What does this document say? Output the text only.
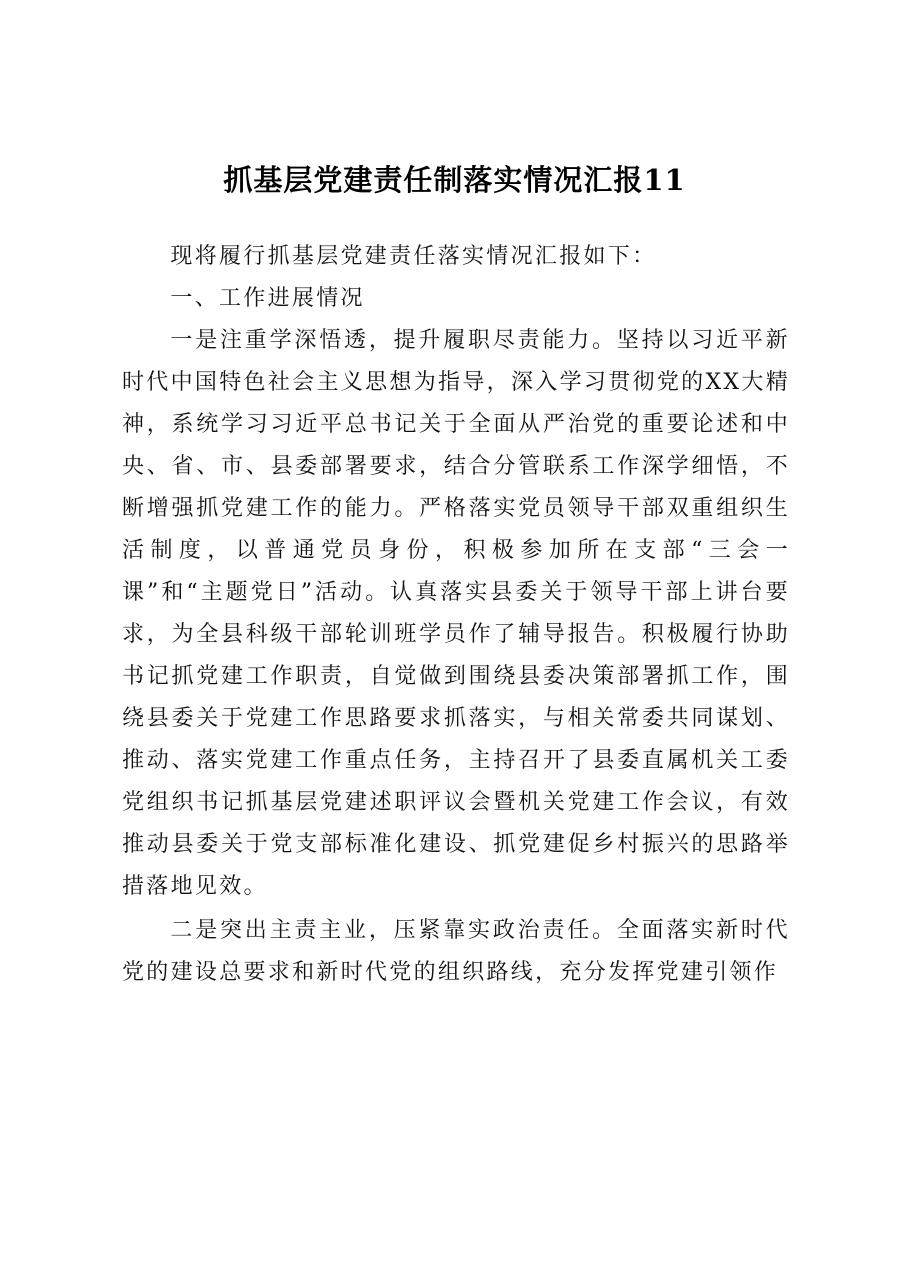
抓基层党建责任制落实情况汇报11

现将履行抓基层党建责任落实情况汇报如下：

一、工作进展情况

一是注重学深悟透，提升履职尽责能力。坚持以习近平新时代中国特色社会主义思想为指导，深入学习贯彻党的XX大精神，系统学习习近平总书记关于全面从严治党的重要论述和中央、省、市、县委部署要求，结合分管联系工作深学细悟，不断增强抓党建工作的能力。严格落实党员领导干部双重组织生活制度，以普通党员身份，积极参加所在支部“三会一课”和“主题党日”活动。认真落实县委关于领导干部上讲台要求，为全县科级干部轮训班学员作了辅导报告。积极履行协助书记抓党建工作职责，自觉做到围绕县委决策部署抓工作，围绕县委关于党建工作思路要求抓落实，与相关常委共同谋划、推动、落实党建工作重点任务，主持召开了县委直属机关工委党组织书记抓基层党建述职评议会暨机关党建工作会议，有效推动县委关于党支部标准化建设、抓党建促乡村振兴的思路举措落地见效。

二是突出主责主业，压紧靠实政治责任。全面落实新时代党的建设总要求和新时代党的组织路线，充分发挥党建引领作
